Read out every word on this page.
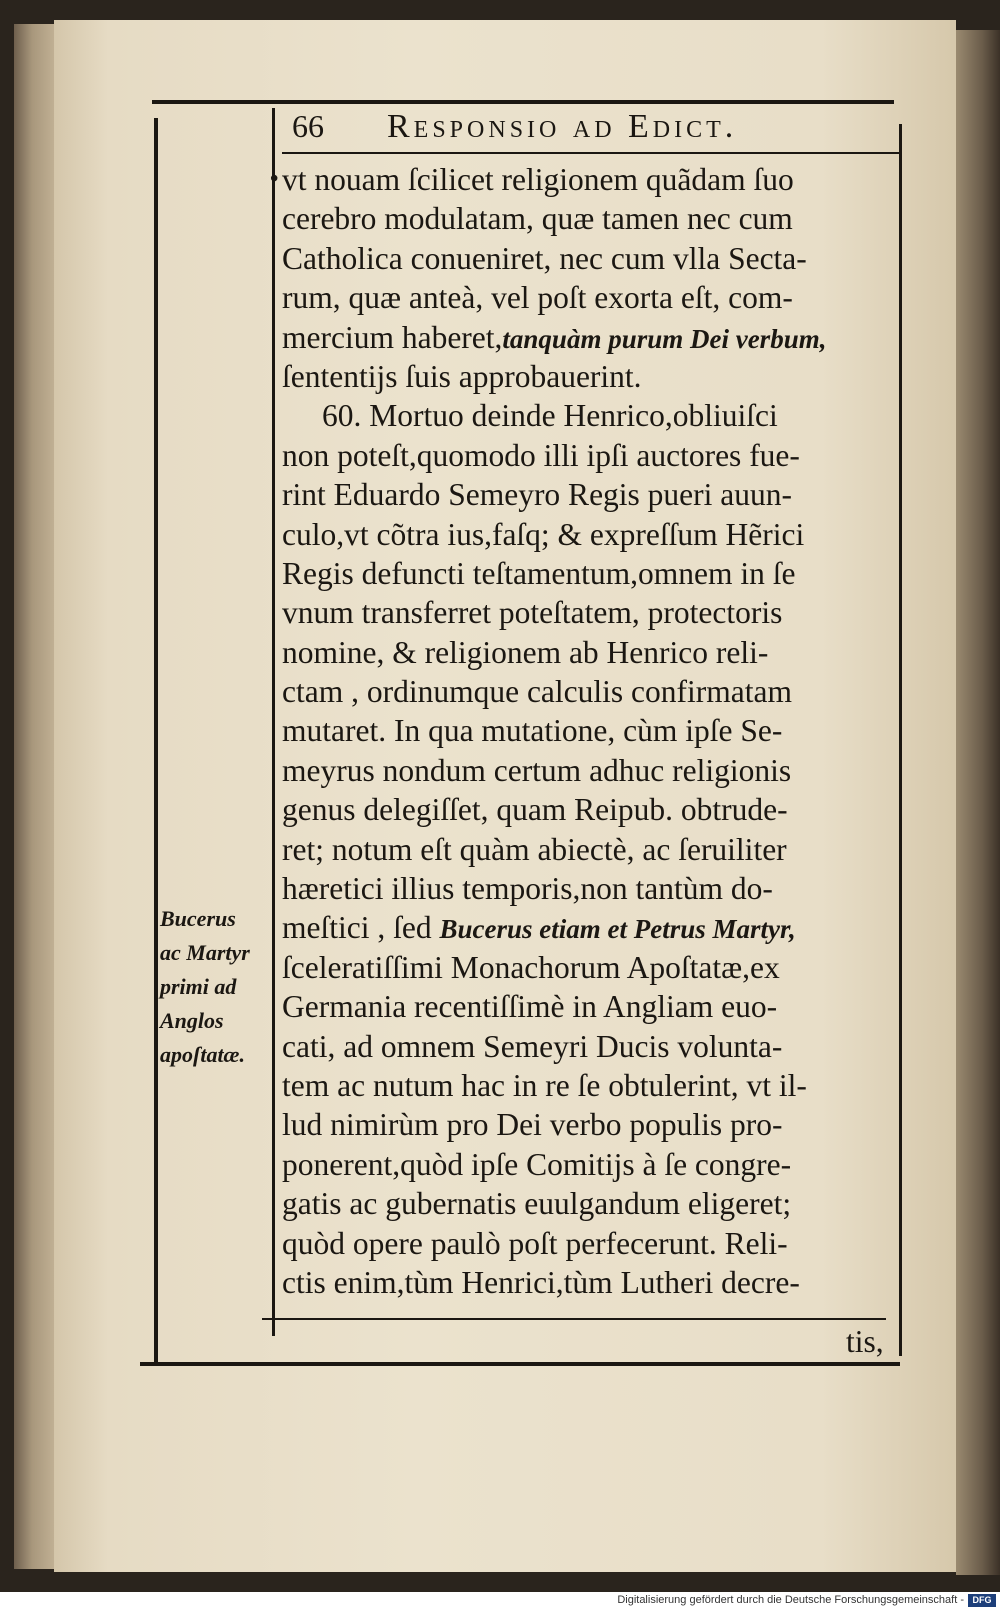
66	Responsio ad Edict.
• vt nouam ſcilicet religionem quãdam ſuo
cerebro modulatam, quæ tamen nec cum
Catholica conueniret, nec cum vlla Secta-
rum, quæ anteà, vel poſt exorta eſt, com-
mercium haberet,tanquàm purum Dei verbum,
ſententijs ſuis approbauerint.
60. Mortuo deinde Henrico,obliuiſci
non poteſt,quomodo illi ipſi auctores fue-
rint Eduardo Semeyro Regis pueri auun-
culo,vt cõtra ius,faſq; & expreſſum Hẽrici
Regis defuncti teſtamentum,omnem in ſe
vnum transferret poteſtatem, protectoris
nomine, & religionem ab Henrico reli-
ctam , ordinumque calculis confirmatam
mutaret. In qua mutatione, cùm ipſe Se-
meyrus nondum certum adhuc religionis
genus delegiſſet, quam Reipub. obtrude-
ret; notum eſt quàm abiectè, ac ſeruiliter
hæretici illius temporis,non tantùm do-
meſtici , ſed Bucerus etiam et Petrus Martyr,
ſceleratiſſimi Monachorum Apoſtatæ,ex
Germania recentiſſimè in Angliam euo-
cati, ad omnem Semeyri Ducis volunta-
tem ac nutum hac in re ſe obtulerint, vt il-
lud nimirùm pro Dei verbo populis pro-
ponerent,quòd ipſe Comitijs à ſe congre-
gatis ac gubernatis euulgandum eligeret;
quòd opere paulò poſt perfecerunt. Reli-
ctis enim,tùm Henrici,tùm Lutheri decre-
tis,
Bucerus
ac Martyr
primi ad
Anglos
apoſtatæ.
Digitalisierung gefördert durch die Deutsche Forschungsgemeinschaft - DFG
